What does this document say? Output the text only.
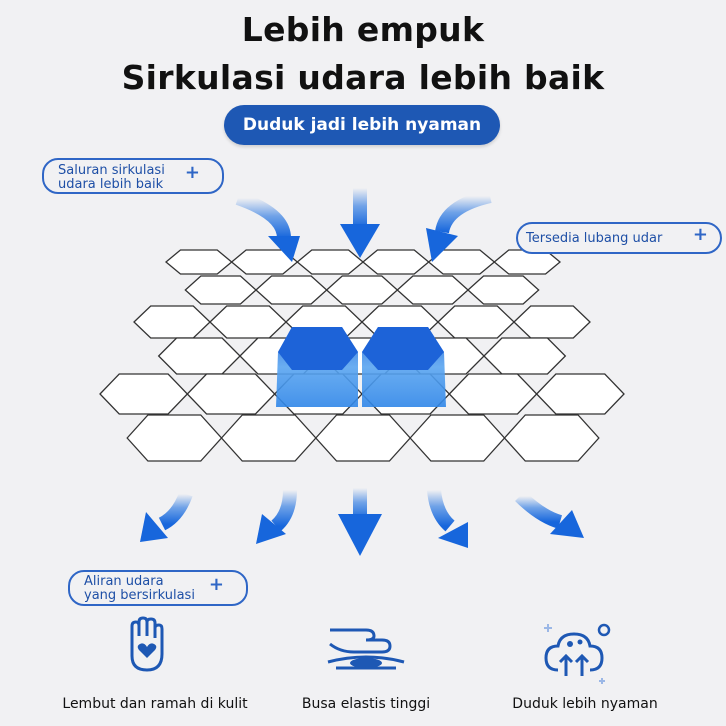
Lebih empuk
Sirkulasi udara lebih baik
Duduk jadi lebih nyaman
Saluran sirkulasi
udara lebih baik
+
Tersedia lubang udar +
Aliran udara
yang bersirkulasi
+
Lembut dan ramah di kulit	Busa elastis tinggi	Duduk lebih nyaman
